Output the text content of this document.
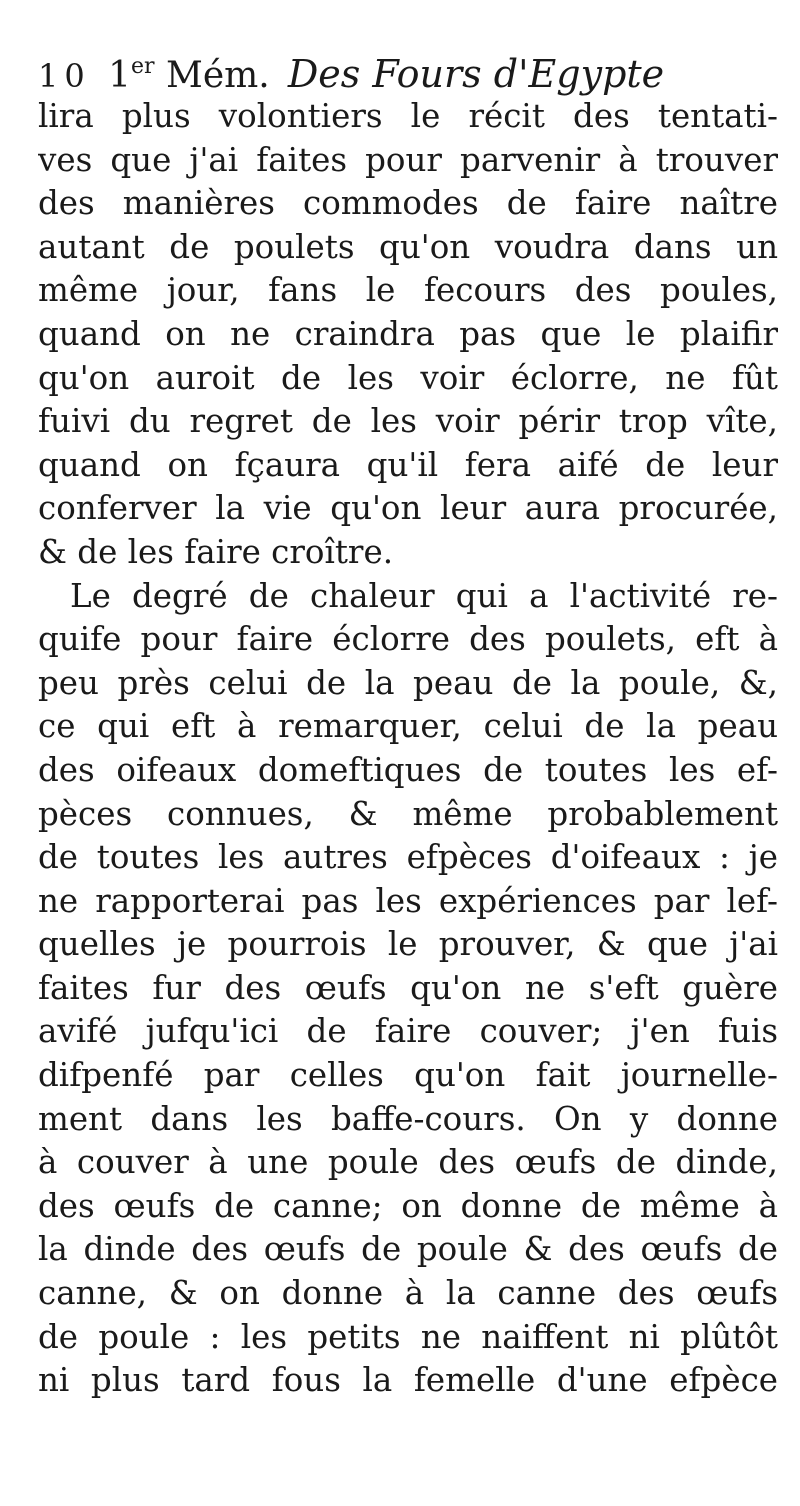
10 1er Mém. Des Fours d'Egypte
lira plus volontiers le récit des tentati-
ves que j'ai faites pour parvenir à trouver
des manières commodes de faire naître
autant de poulets qu'on voudra dans un
même jour, fans le fecours des poules,
quand on ne craindra pas que le plaifir
qu'on auroit de les voir éclorre, ne fût
fuivi du regret de les voir périr trop vîte,
quand on fçaura qu'il fera aifé de leur
conferver la vie qu'on leur aura procurée,
& de les faire croître.
Le degré de chaleur qui a l'activité re-
quife pour faire éclorre des poulets, eft à
peu près celui de la peau de la poule, &,
ce qui eft à remarquer, celui de la peau
des oifeaux domeftiques de toutes les ef-
pèces connues, & même probablement
de toutes les autres efpèces d'oifeaux : je
ne rapporterai pas les expériences par lef-
quelles je pourrois le prouver, & que j'ai
faites fur des œufs qu'on ne s'eft guère
avifé jufqu'ici de faire couver; j'en fuis
difpenfé par celles qu'on fait journelle-
ment dans les baffe-cours. On y donne
à couver à une poule des œufs de dinde,
des œufs de canne; on donne de même à
la dinde des œufs de poule & des œufs de
canne, & on donne à la canne des œufs
de poule : les petits ne naiffent ni plûtôt
ni plus tard fous la femelle d'une efpèce
